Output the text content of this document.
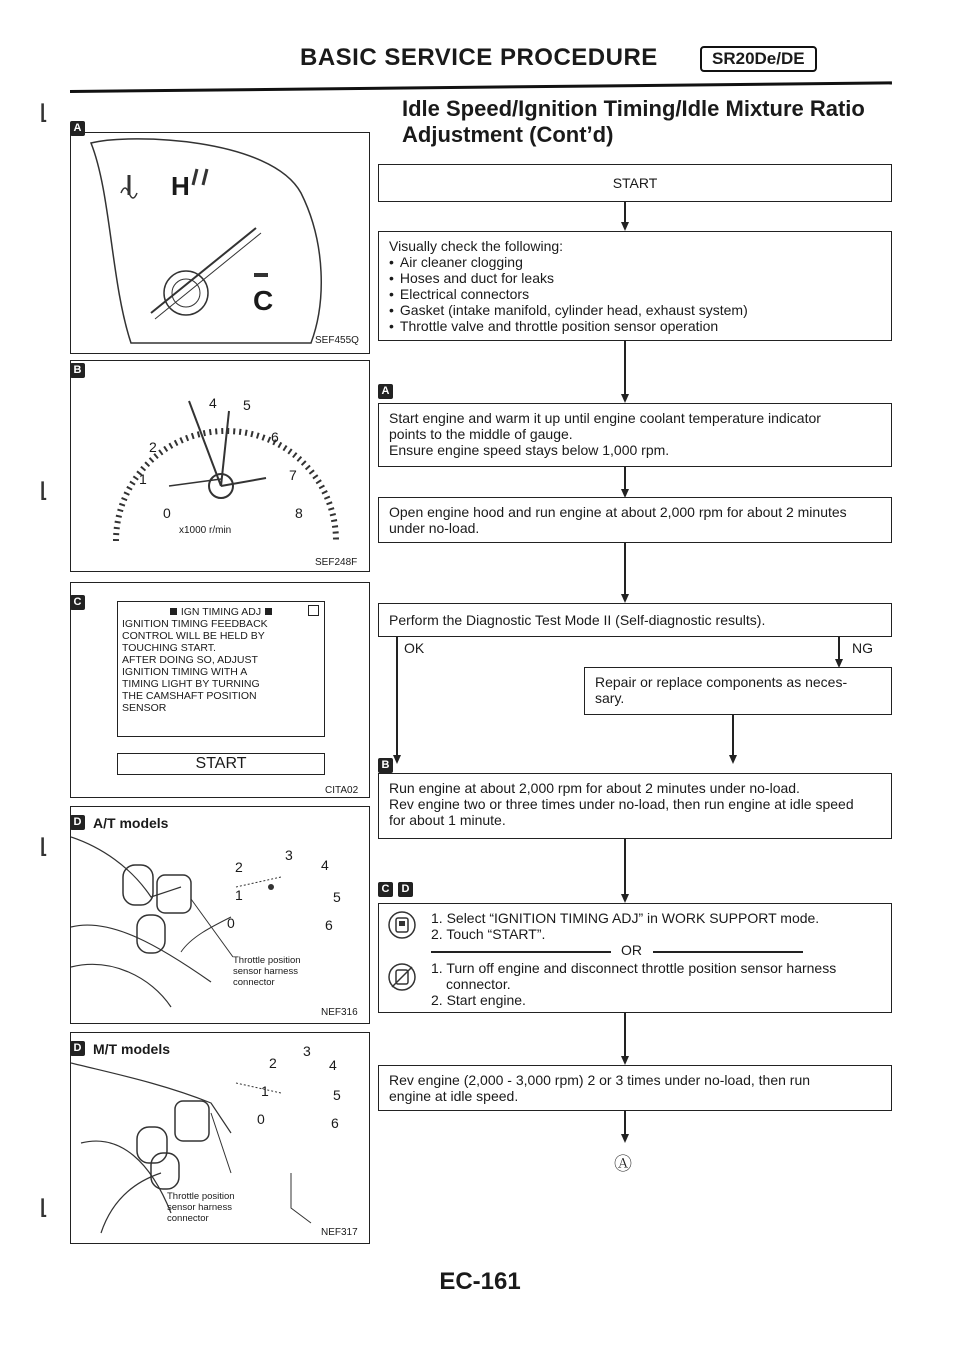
BASIC SERVICE PROCEDURE	SR20De/DE
Idle Speed/Ignition Timing/Idle Mixture Ratio
Adjustment (Cont’d)
⌊
⌊
⌊
⌊
A
H
C
SEF455Q
B
0
1
2
4 5
6
7
8
x1000 r/min
SEF248F
C
IGN TIMING ADJ
IGNITION TIMING FEEDBACK
CONTROL WILL BE HELD BY
TOUCHING START.
AFTER DOING SO, ADJUST
IGNITION TIMING WITH A
TIMING LIGHT BY TURNING
THE CAMSHAFT POSITION
SENSOR
START
CITA02
D A/T models
2
3
4
1	5
0	6
Throttle position
sensor harness
connector
NEF316
D M/T models
2
3
4
1	5
0	6
Throttle position
sensor harness
connector
NEF317
START
Visually check the following:
• Air cleaner clogging
• Hoses and duct for leaks
• Electrical connectors
• Gasket (intake manifold, cylinder head, exhaust system)
• Throttle valve and throttle position sensor operation
A
Start engine and warm it up until engine coolant temperature indicator
points to the middle of gauge.
Ensure engine speed stays below 1,000 rpm.
Open engine hood and run engine at about 2,000 rpm for about 2 minutes
under no-load.
Perform the Diagnostic Test Mode II (Self-diagnostic results).
OK	NG
Repair or replace components as neces-
sary.
B
Run engine at about 2,000 rpm for about 2 minutes under no-load.
Rev engine two or three times under no-load, then run engine at idle speed
for about 1 minute.
C	D
1. Select “IGNITION TIMING ADJ” in WORK SUPPORT mode.
2. Touch “START”.
OR
1. Turn off engine and disconnect throttle position sensor harness
connector.
2. Start engine.
Rev engine (2,000 - 3,000 rpm) 2 or 3 times under no-load, then run
engine at idle speed.
Ⓐ
EC-161
